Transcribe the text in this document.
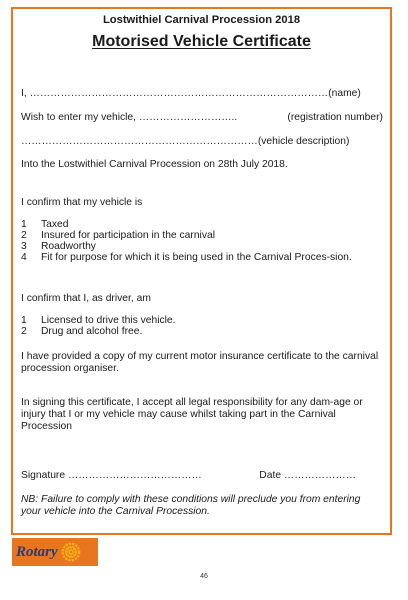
Lostwithiel Carnival Procession 2018
Motorised Vehicle Certificate
I, ……………………………………………………………………………(name)
Wish to enter my vehicle, ………………………..	(registration number)
……………………………………………………………(vehicle description)
Into the Lostwithiel Carnival Procession on 28th July 2018.
I confirm that my vehicle is
1	Taxed
2	Insured for participation in the carnival
3	Roadworthy
4	Fit for purpose for which it is being used in the Carnival Proces-sion.
I confirm that I, as driver, am
1	Licensed to drive this vehicle.
2	Drug and alcohol free.
I have provided a copy of my current motor insurance certificate to the carnival procession organiser.
In signing this certificate, I accept all legal responsibility for any dam-age or injury that I or my vehicle may cause whilst taking part in the Carnival Procession
Signature …………………………………	Date …………………
NB: Failure to comply with these conditions will preclude you from entering your vehicle into the Carnival Procession.
Rotary
46
